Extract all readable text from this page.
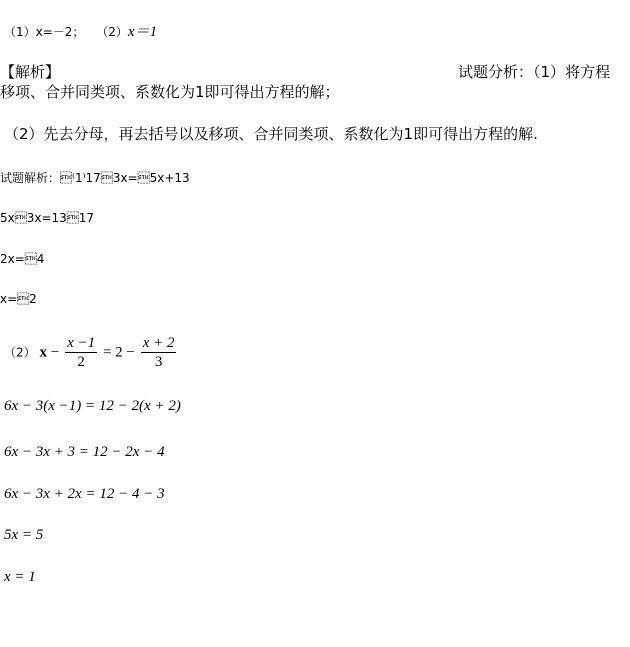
（1）x=－2； （2）x＝1
【解析】	试题分析：（1）将方程
移项、合并同类项、系数化为1即可得出方程的解；
（2）先去分母，再去括号以及移项、合并同类项、系数化为1即可得出方程的解.
试题解析：⁽1⁾173x=5x+13
5x3x=1317
2x=4
x=2
（2） $x - \frac{x -1}{2} = 2 - \frac{x + 2}{3}$
6x − 3(x −1) = 12 − 2(x + 2)
6x − 3x + 3 = 12 − 2x − 4
6x − 3x + 2x = 12 − 4 − 3
5x = 5
x = 1
